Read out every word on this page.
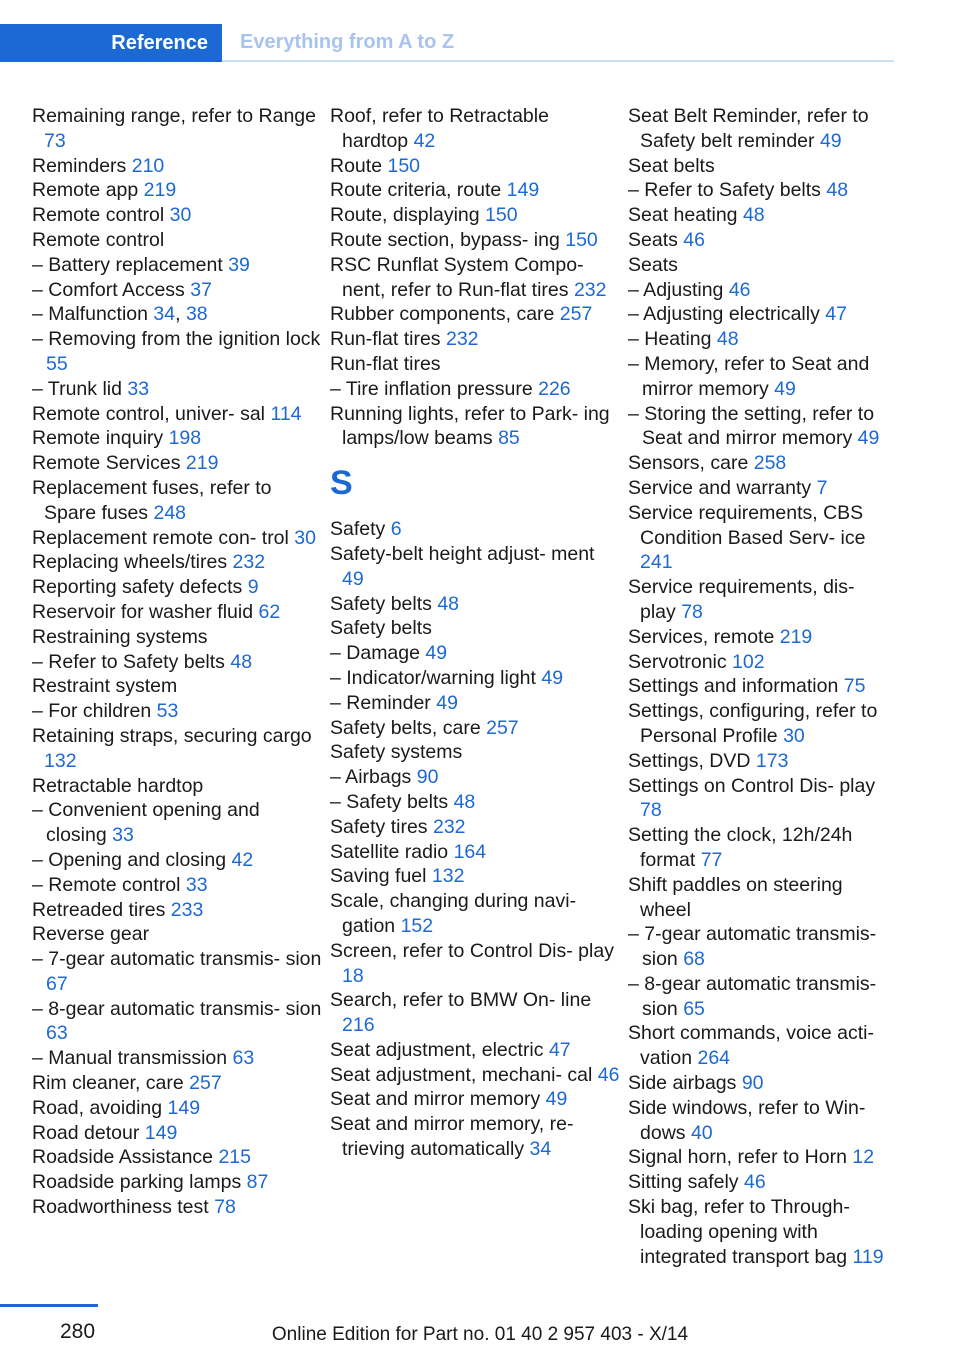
Reference Everything from A to Z
Remaining range, refer to Range 73
Reminders 210
Remote app 219
Remote control 30
Remote control
– Battery replacement 39
– Comfort Access 37
– Malfunction 34, 38
– Removing from the ignition lock 55
– Trunk lid 33
Remote control, univer‐ sal 114
Remote inquiry 198
Remote Services 219
Replacement fuses, refer to Spare fuses 248
Replacement remote con‐ trol 30
Replacing wheels/tires 232
Reporting safety defects 9
Reservoir for washer fluid 62
Restraining systems
– Refer to Safety belts 48
Restraint system
– For children 53
Retaining straps, securing cargo 132
Retractable hardtop
– Convenient opening and closing 33
– Opening and closing 42
– Remote control 33
Retreaded tires 233
Reverse gear
– 7-gear automatic transmis‐ sion 67
– 8-gear automatic transmis‐ sion 63
– Manual transmission 63
Rim cleaner, care 257
Road, avoiding 149
Road detour 149
Roadside Assistance 215
Roadside parking lamps 87
Roadworthiness test 78
Roof, refer to Retractable hardtop 42
Route 150
Route criteria, route 149
Route, displaying 150
Route section, bypass‐ ing 150
RSC Runflat System Compo‐ nent, refer to Run-flat tires 232
Rubber components, care 257
Run-flat tires 232
Run-flat tires
– Tire inflation pressure 226
Running lights, refer to Park‐ ing lamps/low beams 85
S
Safety 6
Safety-belt height adjust‐ ment 49
Safety belts 48
Safety belts
– Damage 49
– Indicator/warning light 49
– Reminder 49
Safety belts, care 257
Safety systems
– Airbags 90
– Safety belts 48
Safety tires 232
Satellite radio 164
Saving fuel 132
Scale, changing during navi‐ gation 152
Screen, refer to Control Dis‐ play 18
Search, refer to BMW On‐ line 216
Seat adjustment, electric 47
Seat adjustment, mechani‐ cal 46
Seat and mirror memory 49
Seat and mirror memory, re‐ trieving automatically 34
Seat Belt Reminder, refer to Safety belt reminder 49
Seat belts
– Refer to Safety belts 48
Seat heating 48
Seats 46
Seats
– Adjusting 46
– Adjusting electrically 47
– Heating 48
– Memory, refer to Seat and mirror memory 49
– Storing the setting, refer to Seat and mirror memory 49
Sensors, care 258
Service and warranty 7
Service requirements, CBS Condition Based Serv‐ ice 241
Service requirements, dis‐ play 78
Services, remote 219
Servotronic 102
Settings and information 75
Settings, configuring, refer to Personal Profile 30
Settings, DVD 173
Settings on Control Dis‐ play 78
Setting the clock, 12h/24h format 77
Shift paddles on steering wheel
– 7-gear automatic transmis‐ sion 68
– 8-gear automatic transmis‐ sion 65
Short commands, voice acti‐ vation 264
Side airbags 90
Side windows, refer to Win‐ dows 40
Signal horn, refer to Horn 12
Sitting safely 46
Ski bag, refer to Through- loading opening with integrated transport bag 119
280	Online Edition for Part no. 01 40 2 957 403 - X/14
